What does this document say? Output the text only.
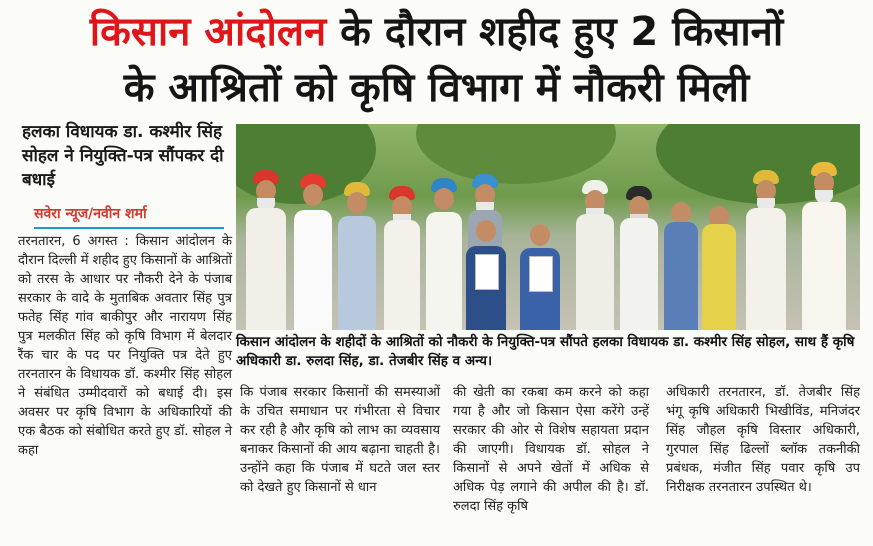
किसान आंदोलन के दौरान शहीद हुए 2 किसानों
के आश्रितों को कृषि विभाग में नौकरी मिली
हलका विधायक डा. कश्मीर सिंह सोहल ने नियुक्ति-पत्र सौंपकर दी बधाई
सवेरा न्यूज/नवीन शर्मा
किसान आंदोलन के शहीदों के आश्रितों को नौकरी के नियुक्ति-पत्र सौंपते हलका विधायक डा. कश्मीर सिंह सोहल, साथ हैं कृषि अधिकारी डा. रुलदा सिंह, डा. तेजबीर सिंह व अन्य।
तरनतारन, 6 अगस्त : किसान आंदोलन के दौरान दिल्ली में शहीद हुए किसानों के आश्रितों को तरस के आधार पर नौकरी देने के पंजाब सरकार के वादे के मुताबिक अवतार सिंह पुत्र फतेह सिंह गांव बाकीपुर और नारायण सिंह पुत्र मलकीत सिंह को कृषि विभाग में बेलदार रैंक चार के पद पर नियुक्ति पत्र देते हुए तरनतारन के विधायक डॉ. कश्मीर सिंह सोहल ने संबंधित उम्मीदवारों को बधाई दी। इस अवसर पर कृषि विभाग के अधिकारियों की एक बैठक को संबोधित करते हुए डॉ. सोहल ने कहा
कि पंजाब सरकार किसानों की समस्याओं के उचित समाधान पर गंभीरता से विचार कर रही है और कृषि को लाभ का व्यवसाय बनाकर किसानों की आय बढ़ाना चाहती है। उन्होंने कहा कि पंजाब में घटते जल स्तर को देखते हुए किसानों से धान
की खेती का रकबा कम करने को कहा गया है और जो किसान ऐसा करेंगे उन्हें सरकार की ओर से विशेष सहायता प्रदान की जाएगी। विधायक डॉ. सोहल ने किसानों से अपने खेतों में अधिक से अधिक पेड़ लगाने की अपील की है। डॉ. रुलदा सिंह कृषि
अधिकारी तरनतारन, डॉ. तेजबीर सिंह भंगू कृषि अधिकारी भिखीविंड, मनिजंदर सिंह जौहल कृषि विस्तार अधिकारी, गुरपाल सिंह ढिल्लों ब्लॉक तकनीकी प्रबंधक, मंजीत सिंह पवार कृषि उप निरीक्षक तरनतारन उपस्थित थे।
